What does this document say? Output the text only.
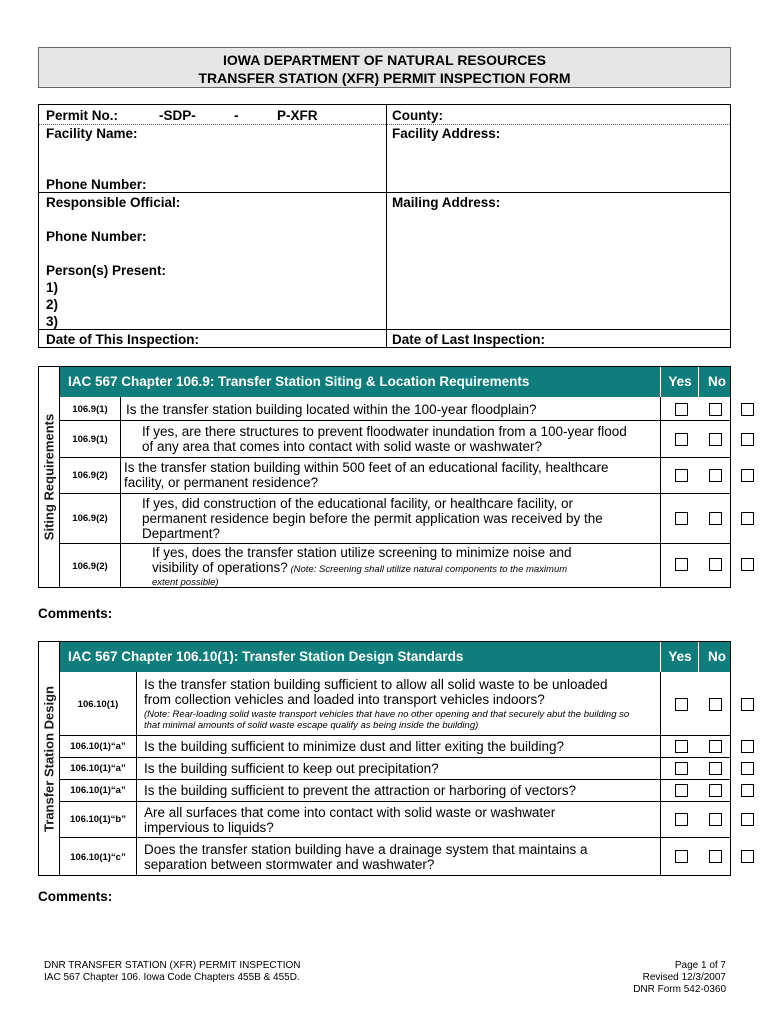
IOWA DEPARTMENT OF NATURAL RESOURCES
TRANSFER STATION (XFR) PERMIT INSPECTION FORM
Permit No.:	-SDP-	-	P-XFR
Facility Name:
Phone Number:
Responsible Official:
Phone Number:
Person(s) Present:
1)
2)
3)
Date of This Inspection:
County:
Facility Address:
Mailing Address:
Date of Last Inspection:
Siting Requirements
IAC 567 Chapter 106.9: Transfer Station Siting & Location Requirements	Yes	No	NA
106.9(1)	Is the transfer station building located within the 100-year floodplain?
106.9(1)	If yes, are there structures to prevent floodwater inundation from a 100-year flood of any area that comes into contact with solid waste or washwater?
106.9(2)	Is the transfer station building within 500 feet of an educational facility, healthcare facility, or permanent residence?
106.9(2)
If yes, did construction of the educational facility, or healthcare facility, or permanent residence begin before the permit application was received by the Department?
106.9(2)
If yes, does the transfer station utilize screening to minimize noise and
visibility of operations? (Note: Screening shall utilize natural components to the maximum
extent possible)
Comments:
Transfer Station Design
IAC 567 Chapter 106.10(1): Transfer Station Design Standards	Yes	No	NA
106.10(1)
Is the transfer station building sufficient to allow all solid waste to be unloaded from collection vehicles and loaded into transport vehicles indoors?
(Note: Rear-loading solid waste transport vehicles that have no other opening and that securely abut the building so that minimal amounts of solid waste escape qualify as being inside the building)
106.10(1)“a”	Is the building sufficient to minimize dust and litter exiting the building?
106.10(1)“a”	Is the building sufficient to keep out precipitation?
106.10(1)“a”	Is the building sufficient to prevent the attraction or harboring of vectors?
106.10(1)“b”	Are all surfaces that come into contact with solid waste or washwater impervious to liquids?
106.10(1)“c”	Does the transfer station building have a drainage system that maintains a separation between stormwater and washwater?
Comments:
DNR TRANSFER STATION (XFR) PERMIT INSPECTION
IAC 567 Chapter 106. Iowa Code Chapters 455B & 455D.
Page 1 of 7
Revised 12/3/2007
DNR Form 542-0360
